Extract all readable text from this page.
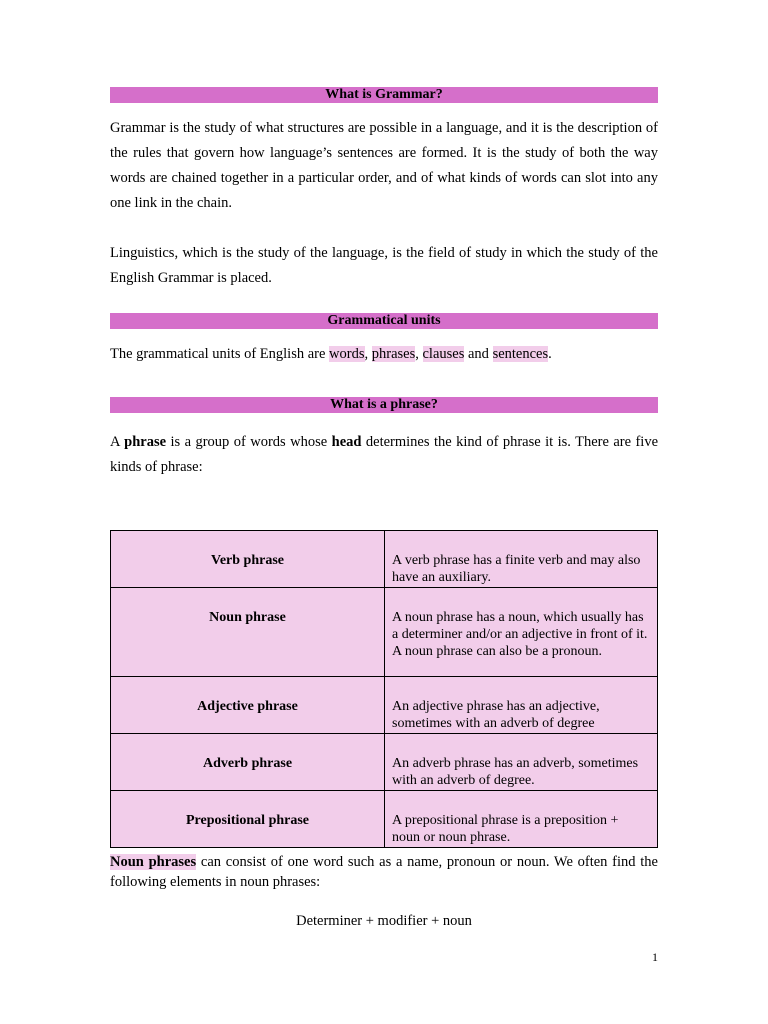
What is Grammar?

Grammar is the study of what structures are possible in a language, and it is the description of the rules that govern how language’s sentences are formed. It is the study of both the way words are chained together in a particular order, and of what kinds of words can slot into any one link in the chain.

Linguistics, which is the study of the language, is the field of study in which the study of the English Grammar is placed.

Grammatical units

The grammatical units of English are words, phrases, clauses and sentences.

What is a phrase?

A phrase is a group of words whose head determines the kind of phrase it is. There are five kinds of phrase:

Verb phrase	A verb phrase has a finite verb and may also have an auxiliary.
Noun phrase	A noun phrase has a noun, which usually has a determiner and/or an adjective in front of it. A noun phrase can also be a pronoun.
Adjective phrase	An adjective phrase has an adjective, sometimes with an adverb of degree
Adverb phrase	An adverb phrase has an adverb, sometimes with an adverb of degree.
Prepositional phrase	A prepositional phrase is a preposition + noun or noun phrase.

Noun phrases can consist of one word such as a name, pronoun or noun. We often find the following elements in noun phrases:

Determiner + modifier + noun
1
